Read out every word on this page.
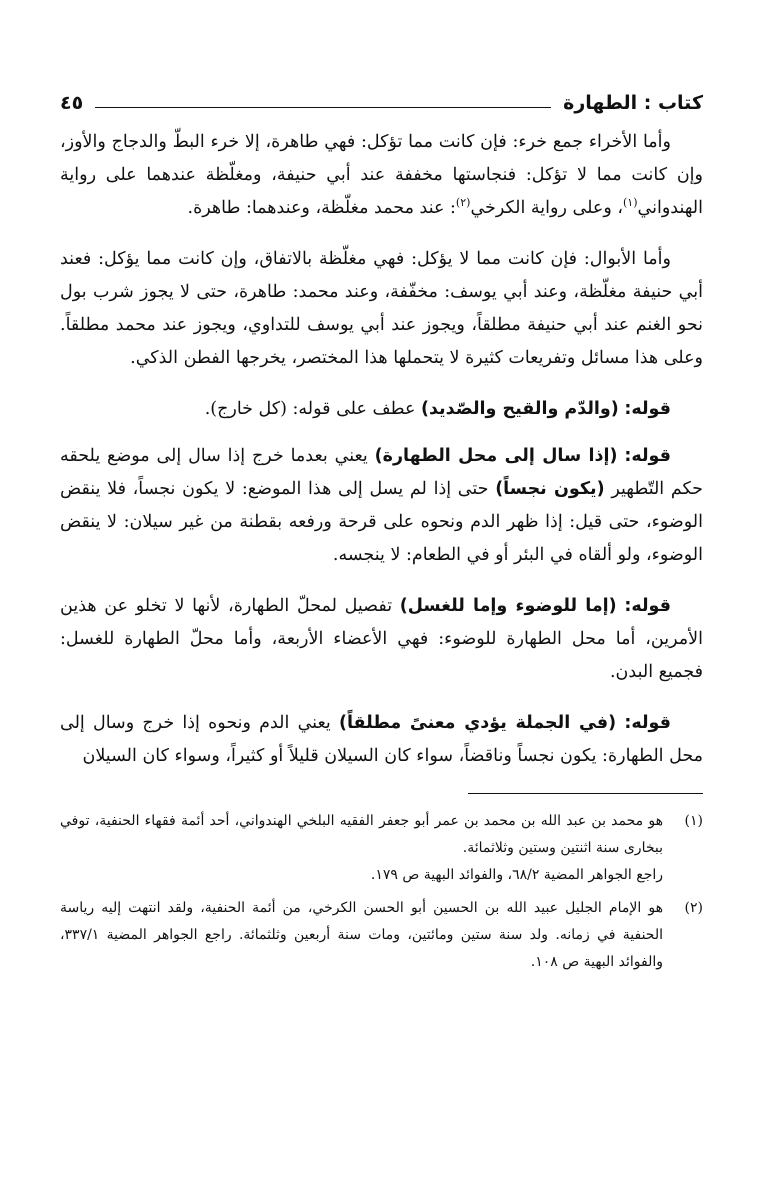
كتاب : الطهارة
٤٥

وأما الأخراء جمع خرء: فإن كانت مما تؤكل: فهي طاهرة، إلا خرء البطّ والدجاج والأوز، وإن كانت مما لا تؤكل: فنجاستها مخففة عند أبي حنيفة، ومغلّظة عندهما على رواية الهندواني$^{(١)}$، وعلى رواية الكرخي$^{(٢)}$: عند محمد مغلّظة، وعندهما: طاهرة.

وأما الأبوال: فإن كانت مما لا يؤكل: فهي مغلّظة بالاتفاق، وإن كانت مما يؤكل: فعند أبي حنيفة مغلّظة، وعند أبي يوسف: مخفّفة، وعند محمد: طاهرة، حتى لا يجوز شرب بول نحو الغنم عند أبي حنيفة مطلقاً، ويجوز عند أبي يوسف للتداوي، ويجوز عند محمد مطلقاً. وعلى هذا مسائل وتفريعات كثيرة لا يتحملها هذا المختصر، يخرجها الفطن الذكي.

قوله: (والدّم والقيح والصّديد) عطف على قوله: (كل خارج).

قوله: (إذا سال إلى محل الطهارة) يعني بعدما خرج إذا سال إلى موضع يلحقه حكم التّطهير (يكون نجساً) حتى إذا لم يسل إلى هذا الموضع: لا يكون نجساً، فلا ينقض الوضوء، حتى قيل: إذا ظهر الدم ونحوه على قرحة ورفعه بقطنة من غير سيلان: لا ينقض الوضوء، ولو ألقاه في البئر أو في الطعام: لا ينجسه.

قوله: (إما للوضوء وإما للغسل) تفصيل لمحلّ الطهارة، لأنها لا تخلو عن هذين الأمرين، أما محل الطهارة للوضوء: فهي الأعضاء الأربعة، وأما محلّ الطهارة للغسل: فجميع البدن.

قوله: (في الجملة يؤدي معنىً مطلقاً) يعني الدم ونحوه إذا خرج وسال إلى محل الطهارة: يكون نجساً وناقضاً، سواء كان السيلان قليلاً أو كثيراً، وسواء كان السيلان

(١)
هو محمد بن عبد الله بن محمد بن عمر أبو جعفر الفقيه البلخي الهندواني، أحد أئمة فقهاء الحنفية، توفي ببخارى سنة اثنتين وستين وثلاثمائة.
راجع الجواهر المضية ٦٨/٢، والفوائد البهية ص ١٧٩.
(٢)
هو الإمام الجليل عبيد الله بن الحسين أبو الحسن الكرخي، من أئمة الحنفية، ولقد انتهت إليه رياسة الحنفية في زمانه. ولد سنة ستين ومائتين، ومات سنة أربعين وثلثمائة. راجع الجواهر المضية ٣٣٧/١، والفوائد البهية ص ١٠٨.
